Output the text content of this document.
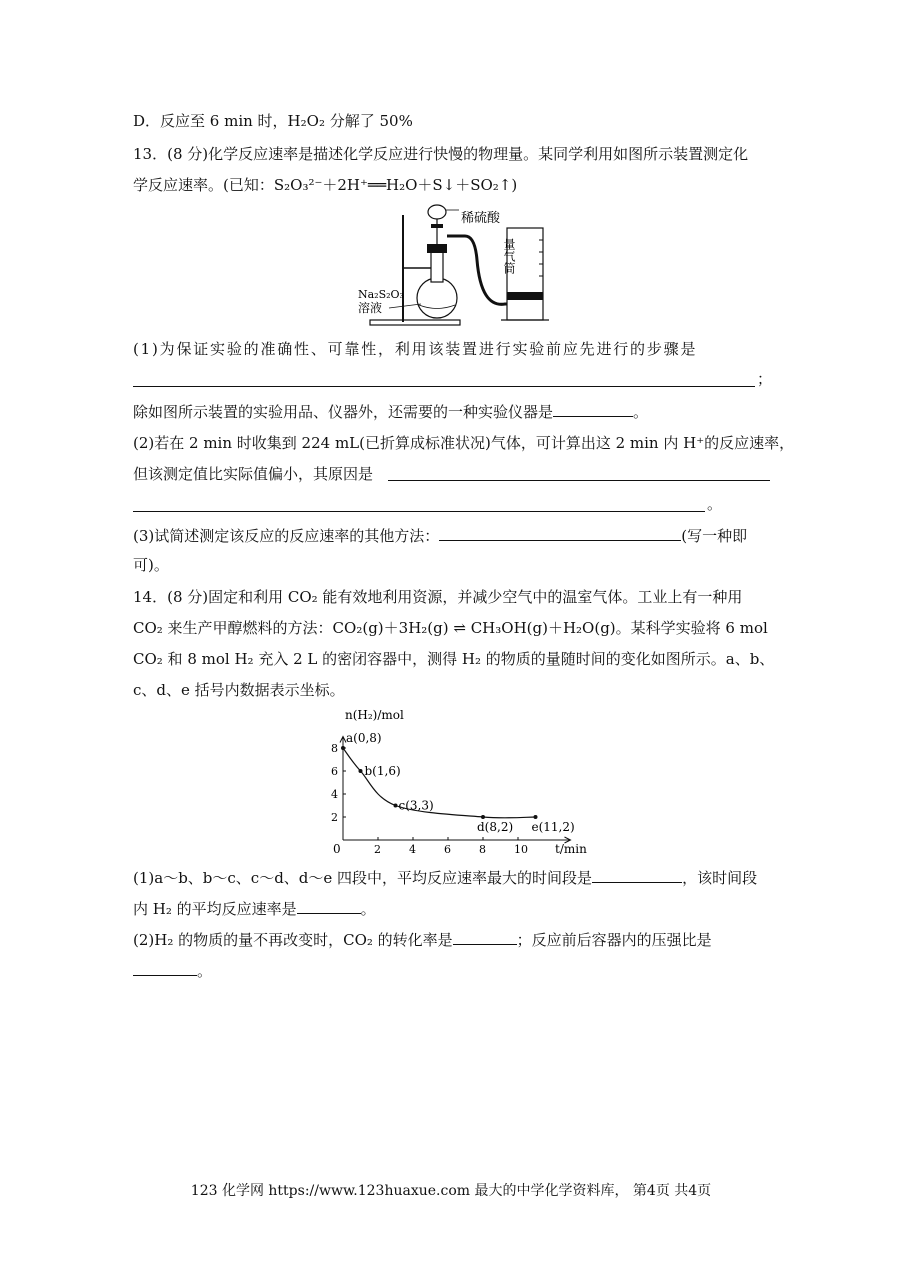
D．反应至 6 min 时，H₂O₂ 分解了 50%
13．(8 分)化学反应速率是描述化学反应进行快慢的物理量。某同学利用如图所示装置测定化
学反应速率。(已知：S₂O₃²⁻＋2H⁺══H₂O＋S↓＋SO₂↑)
稀硫酸
量气筒
Na₂S₂O₃
溶液
(1)为保证实验的准确性、可靠性，利用该装置进行实验前应先进行的步骤是
；
除如图所示装置的实验用品、仪器外，还需要的一种实验仪器是	。
(2)若在 2 min 时收集到 224 mL(已折算成标准状况)气体，可计算出这 2 min 内 H⁺的反应速率，
但该测定值比实际值偏小，其原因是
。
(3)试简述测定该反应的反应速率的其他方法：	(写一种即
可)。
14．(8 分)固定和利用 CO₂ 能有效地利用资源，并减少空气中的温室气体。工业上有一种用
CO₂ 来生产甲醇燃料的方法：CO₂(g)＋3H₂(g) ⇌ CH₃OH(g)＋H₂O(g)。某科学实验将 6 mol
CO₂ 和 8 mol H₂ 充入 2 L 的密闭容器中，测得 H₂ 的物质的量随时间的变化如图所示。a、b、
c、d、e 括号内数据表示坐标。
2	4	6	8	10
2
4
6
8
a(0,8)
b(1,6)
c(3,3)
d(8,2) e(11,2)
n(H₂)/mol
t/min
0
(1)a～b、b～c、c～d、d～e 四段中，平均反应速率最大的时间段是	，该时间段
内 H₂ 的平均反应速率是	。
(2)H₂ 的物质的量不再改变时，CO₂ 的转化率是	；反应前后容器内的压强比是
。
123 化学网 https://www.123huaxue.com 最大的中学化学资料库， 第4页 共4页
